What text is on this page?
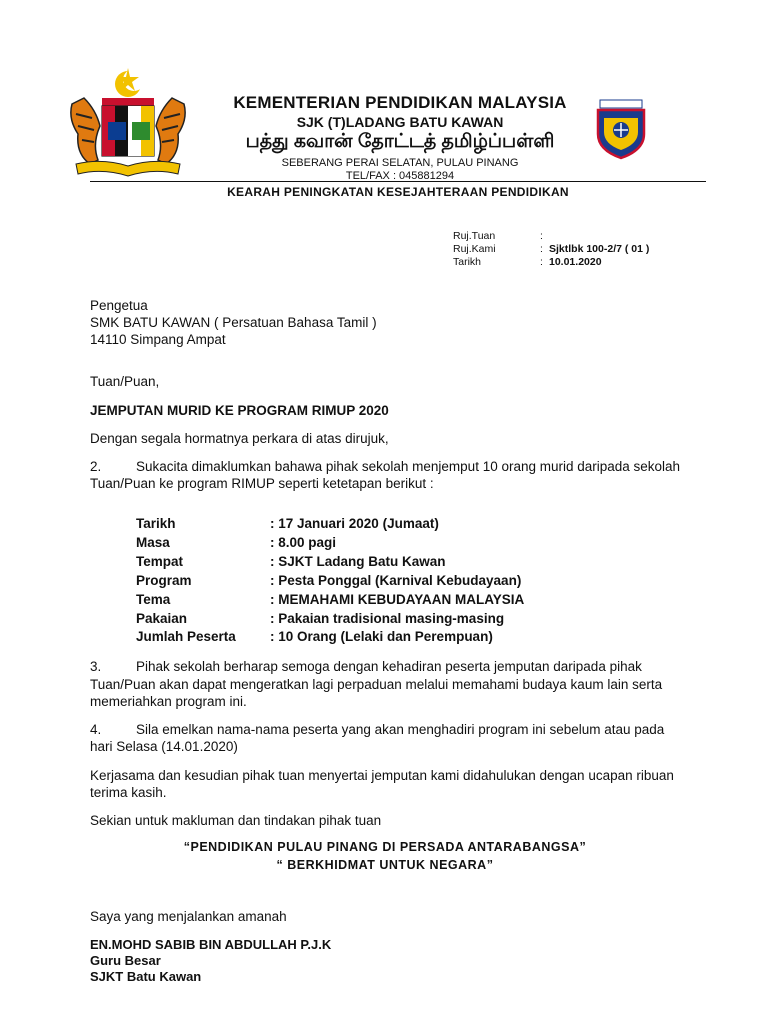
KEMENTERIAN PENDIDIKAN MALAYSIA
SJK (T)LADANG BATU KAWAN
பத்து கவான் தோட்டத் தமிழ்ப்பள்ளி
SEBERANG PERAI SELATAN, PULAU PINANG
TEL/FAX : 045881294
KEARAH PENINGKATAN KESEJAHTERAAN PENDIDIKAN
Ruj.Tuan	:
Ruj.Kami	: Sjktlbk 100-2/7 ( 01 )
Tarikh	: 10.01.2020
Pengetua
SMK BATU KAWAN ( Persatuan Bahasa Tamil )
14110 Simpang Ampat
Tuan/Puan,
JEMPUTAN MURID KE PROGRAM RIMUP 2020
Dengan segala hormatnya perkara di atas dirujuk,
2.	Sukacita dimaklumkan bahawa pihak sekolah menjemput 10 orang murid daripada sekolah
Tuan/Puan ke program RIMUP seperti ketetapan berikut :
Tarikh	: 17 Januari 2020 (Jumaat)
Masa	: 8.00 pagi
Tempat	: SJKT Ladang Batu Kawan
Program	: Pesta Ponggal (Karnival Kebudayaan)
Tema	: MEMAHAMI KEBUDAYAAN MALAYSIA
Pakaian	: Pakaian tradisional masing-masing
Jumlah Peserta	: 10 Orang (Lelaki dan Perempuan)
3.	Pihak sekolah berharap semoga dengan kehadiran peserta jemputan daripada pihak
Tuan/Puan akan dapat mengeratkan lagi perpaduan melalui memahami budaya kaum lain serta
memeriahkan program ini.
4.	Sila emelkan nama-nama peserta yang akan menghadiri program ini sebelum atau pada
hari Selasa (14.01.2020)
Kerjasama dan kesudian pihak tuan menyertai jemputan kami didahulukan dengan ucapan ribuan
terima kasih.
Sekian untuk makluman dan tindakan pihak tuan
“PENDIDIKAN PULAU PINANG DI PERSADA ANTARABANGSA”
“ BERKHIDMAT UNTUK NEGARA”
Saya yang menjalankan amanah
EN.MOHD SABIB BIN ABDULLAH P.J.K
Guru Besar
SJKT Batu Kawan
